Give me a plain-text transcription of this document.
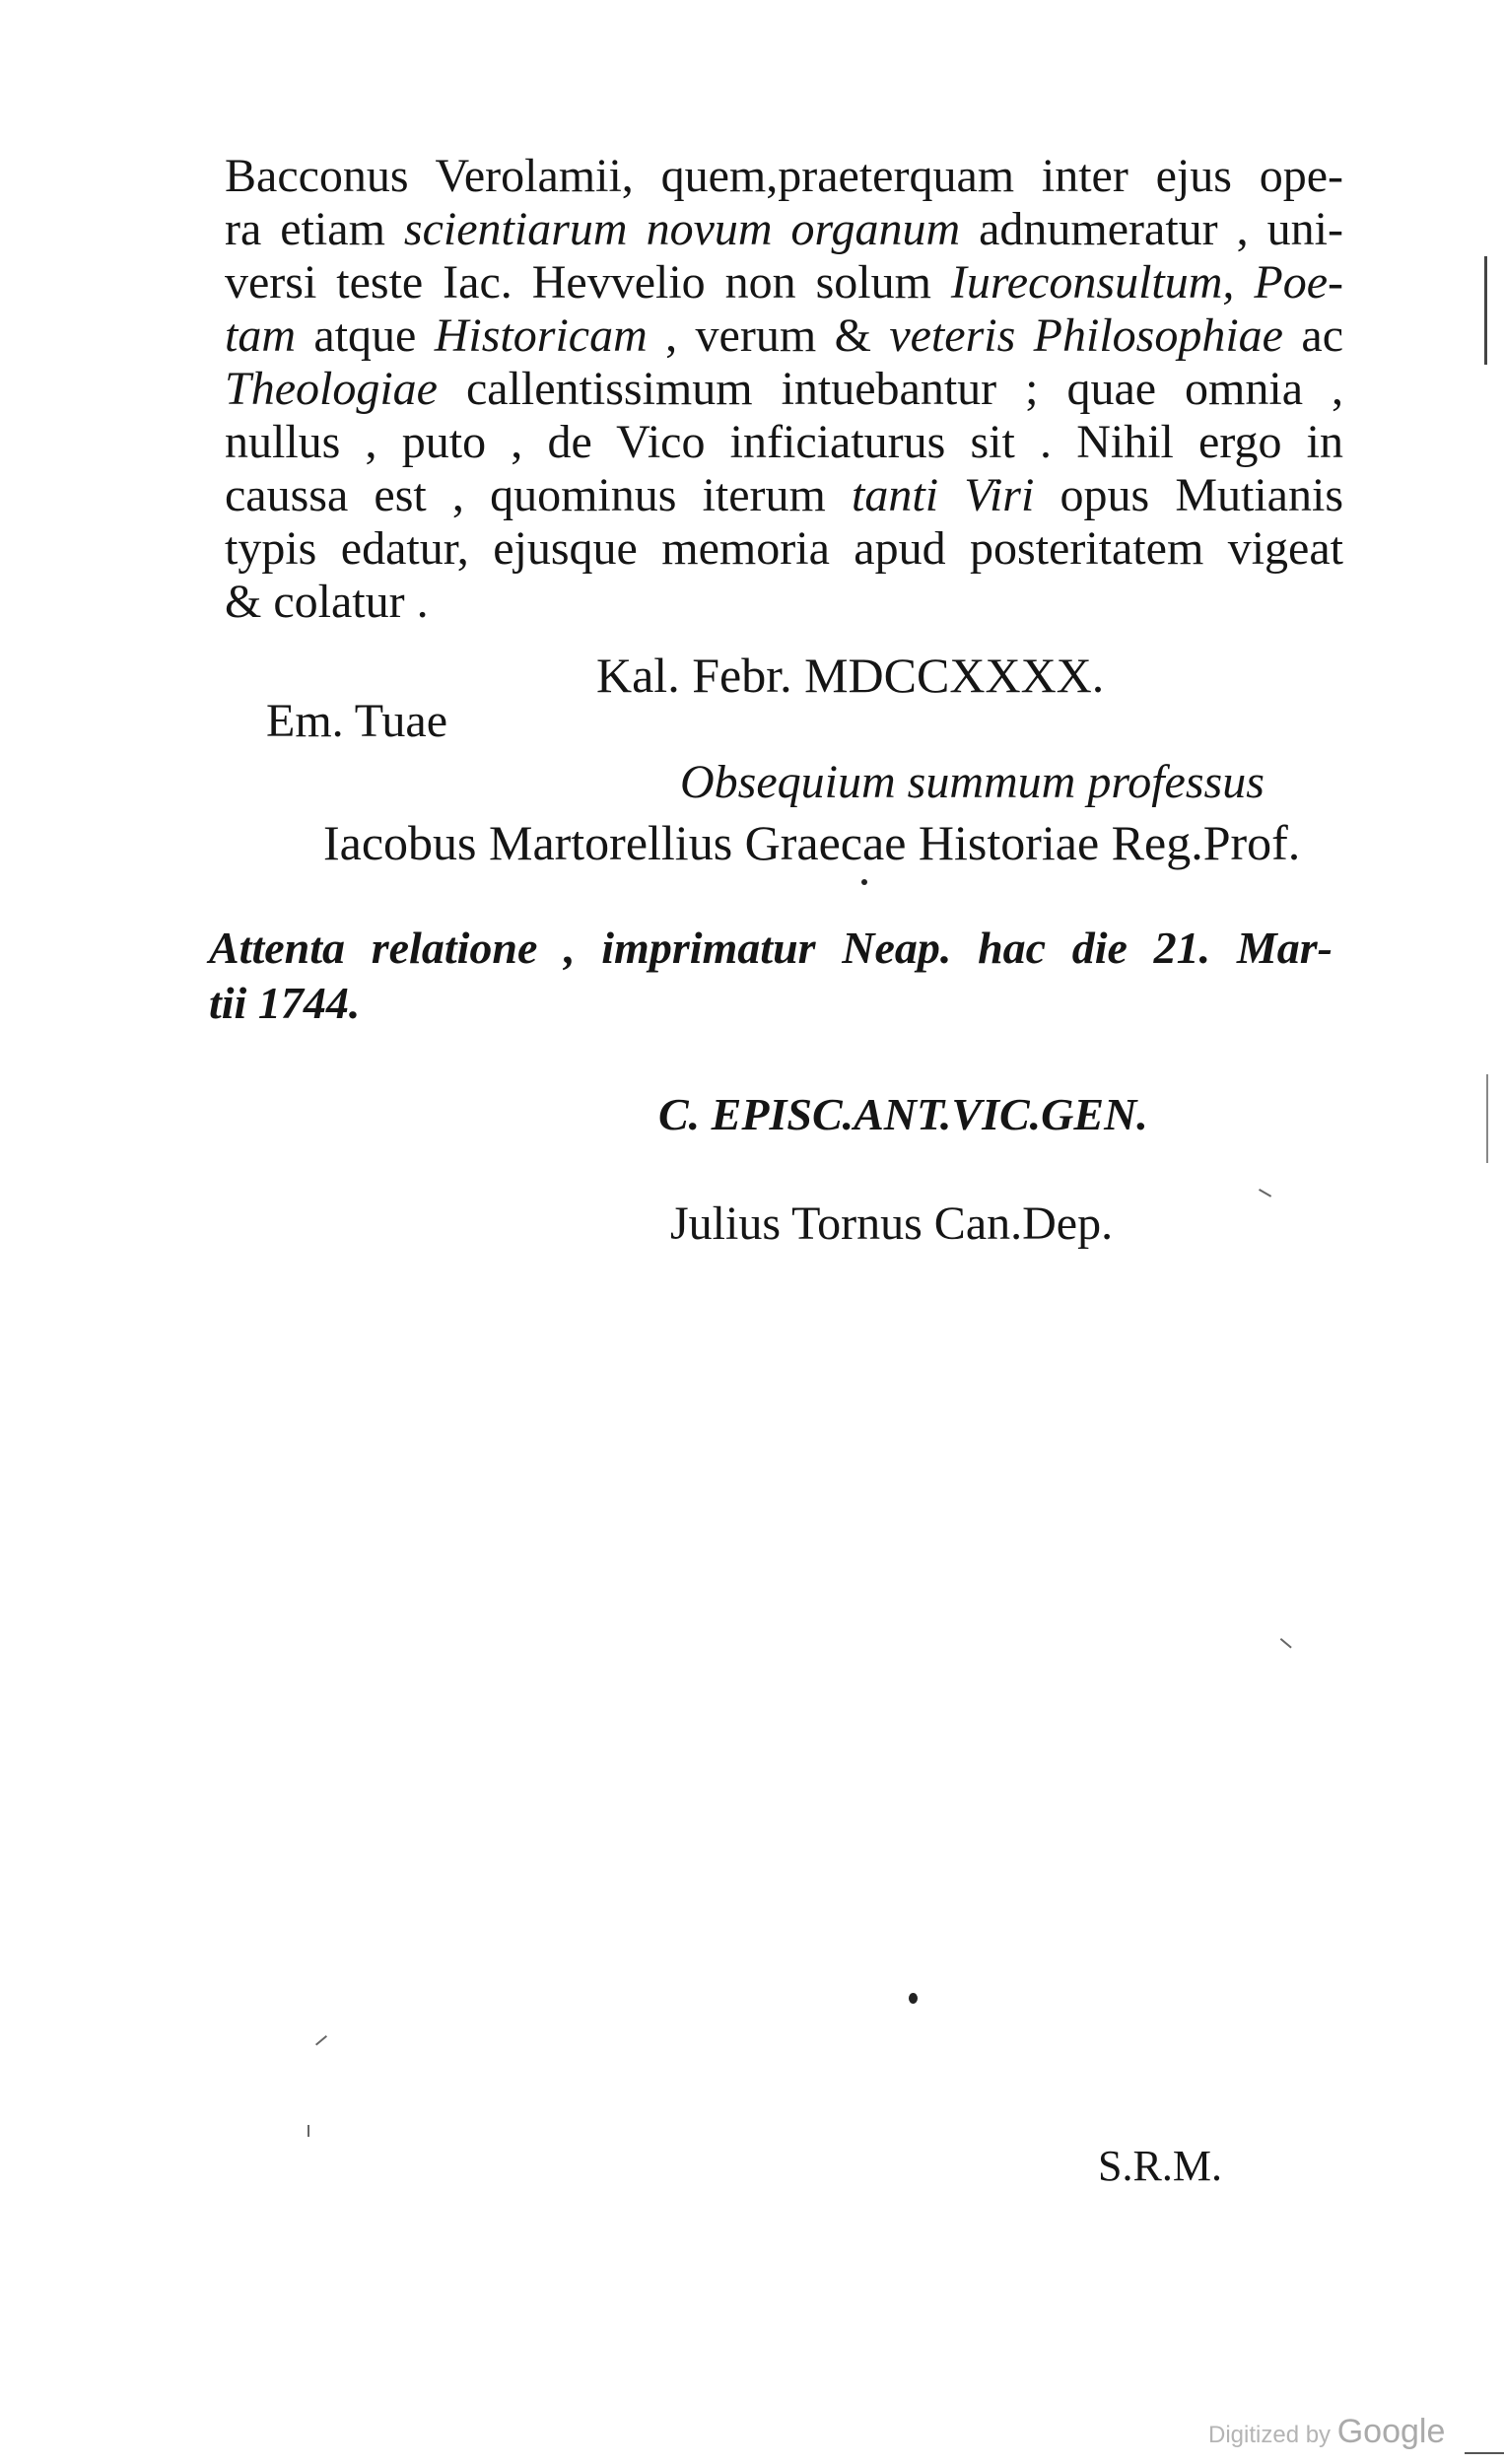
Bacconus Verolamii, quem,praeterquam inter ejus ope-
ra etiam scientiarum novum organum adnumeratur , uni-
versi teste Iac. Hevvelio non solum Iureconsultum, Poe-
tam atque Historicam , verum & veteris Philosophiae ac
Theologiae callentissimum intuebantur ; quae omnia ,
nullus , puto , de Vico inficiaturus sit . Nihil ergo in
caussa est , quominus iterum tanti Viri opus Mutianis
typis edatur, ejusque memoria apud posteritatem vigeat
& colatur .
Kal. Febr. MDCCXXXX.
Em. Tuae
Obsequium summum professus
Iacobus Martorellius Graecae Historiae Reg.Prof.
Attenta relatione , imprimatur Neap. hac die 21. Mar-
tii 1744.
C. EPISC.ANT.VIC.GEN.
Julius Tornus Can.Dep.
S.R.M.
Digitized by Google
